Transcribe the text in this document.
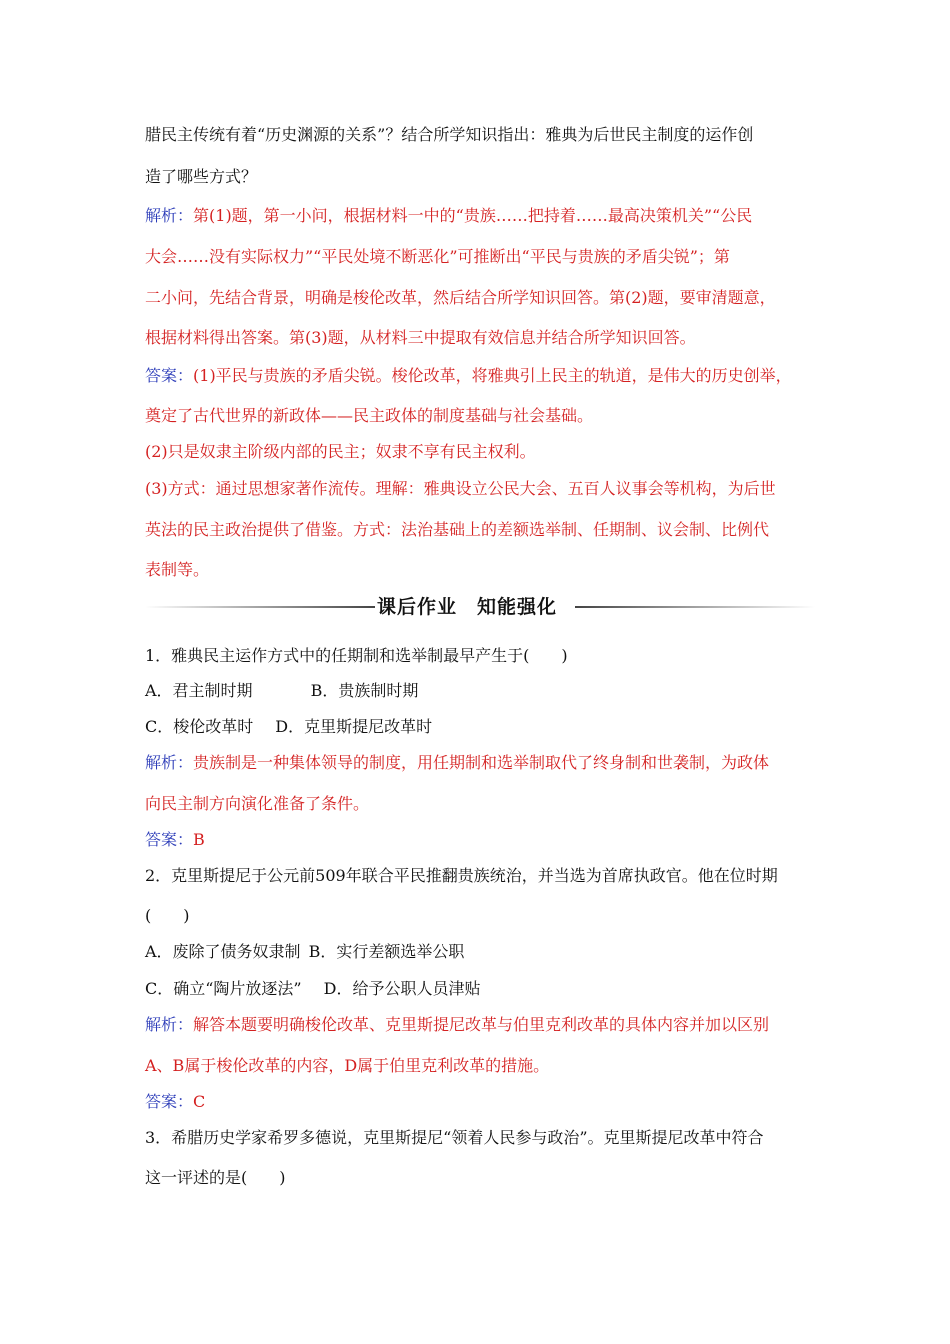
腊民主传统有着“历史渊源的关系”？结合所学知识指出：雅典为后世民主制度的运作创
造了哪些方式？
解析：第(1)题，第一小问，根据材料一中的“贵族……把持着……最高决策机关”“公民
大会……没有实际权力”“平民处境不断恶化”可推断出“平民与贵族的矛盾尖锐”；第
二小问，先结合背景，明确是梭伦改革，然后结合所学知识回答。第(2)题，要审清题意，
根据材料得出答案。第(3)题，从材料三中提取有效信息并结合所学知识回答。
答案：(1)平民与贵族的矛盾尖锐。梭伦改革，将雅典引上民主的轨道，是伟大的历史创举，
奠定了古代世界的新政体——民主政体的制度基础与社会基础。
(2)只是奴隶主阶级内部的民主；奴隶不享有民主权利。
(3)方式：通过思想家著作流传。理解：雅典设立公民大会、五百人议事会等机构，为后世
英法的民主政治提供了借鉴。方式：法治基础上的差额选举制、任期制、议会制、比例代
表制等。
课后作业　知能强化
1．雅典民主运作方式中的任期制和选举制最早产生于(　　)
A．君主制时期	B．贵族制时期
C．梭伦改革时 D．克里斯提尼改革时
解析：贵族制是一种集体领导的制度，用任期制和选举制取代了终身制和世袭制，为政体
向民主制方向演化准备了条件。
答案：B
2．克里斯提尼于公元前509年联合平民推翻贵族统治，并当选为首席执政官。他在位时期
(　　)
A．废除了债务奴隶制 B．实行差额选举公职
C．确立“陶片放逐法” D．给予公职人员津贴
解析：解答本题要明确梭伦改革、克里斯提尼改革与伯里克利改革的具体内容并加以区别
A、B属于梭伦改革的内容，D属于伯里克利改革的措施。
答案：C
3．希腊历史学家希罗多德说，克里斯提尼“领着人民参与政治”。克里斯提尼改革中符合
这一评述的是(　　)
